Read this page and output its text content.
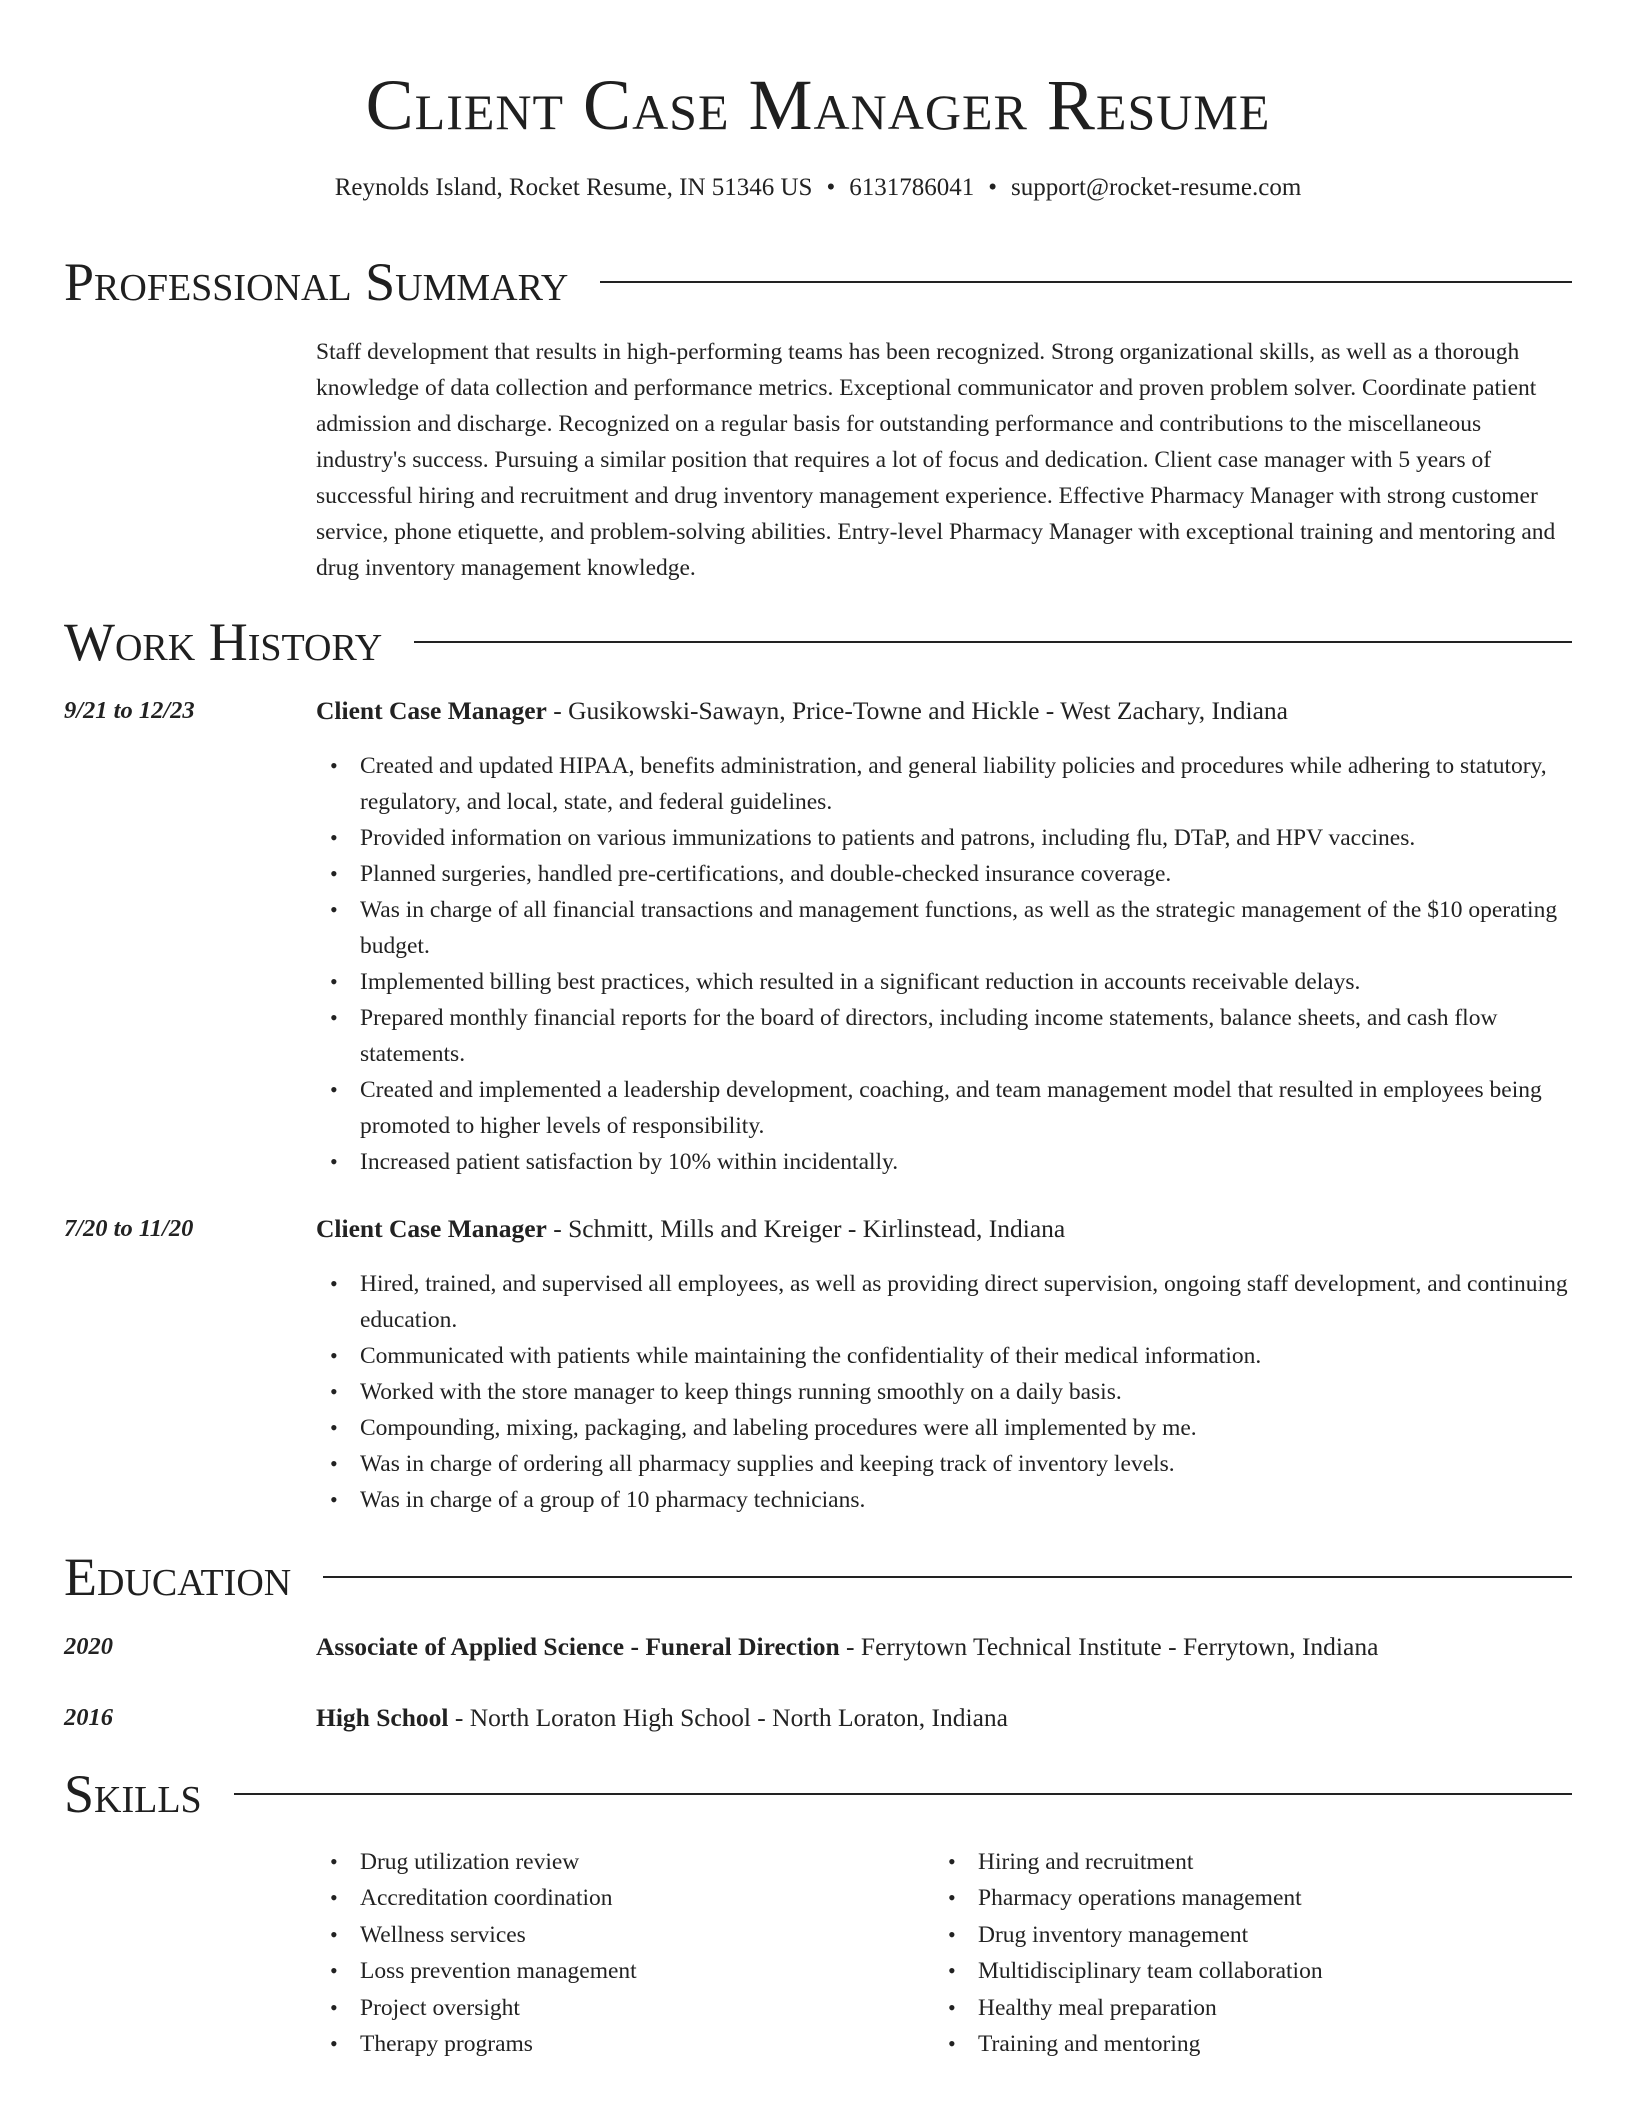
Client Case Manager Resume
Reynolds Island, Rocket Resume, IN 51346 US • 6131786041 • support@rocket-resume.com
Professional Summary
Staff development that results in high-performing teams has been recognized. Strong organizational skills, as well as a thorough knowledge of data collection and performance metrics. Exceptional communicator and proven problem solver. Coordinate patient admission and discharge. Recognized on a regular basis for outstanding performance and contributions to the miscellaneous industry's success. Pursuing a similar position that requires a lot of focus and dedication. Client case manager with 5 years of successful hiring and recruitment and drug inventory management experience. Effective Pharmacy Manager with strong customer service, phone etiquette, and problem-solving abilities. Entry-level Pharmacy Manager with exceptional training and mentoring and drug inventory management knowledge.
Work History
9/21 to 12/23	Client Case Manager - Gusikowski-Sawayn, Price-Towne and Hickle - West Zachary, Indiana
• Created and updated HIPAA, benefits administration, and general liability policies and procedures while adhering to statutory, regulatory, and local, state, and federal guidelines.
• Provided information on various immunizations to patients and patrons, including flu, DTaP, and HPV vaccines.
• Planned surgeries, handled pre-certifications, and double-checked insurance coverage.
• Was in charge of all financial transactions and management functions, as well as the strategic management of the $10 operating budget.
• Implemented billing best practices, which resulted in a significant reduction in accounts receivable delays.
• Prepared monthly financial reports for the board of directors, including income statements, balance sheets, and cash flow statements.
• Created and implemented a leadership development, coaching, and team management model that resulted in employees being promoted to higher levels of responsibility.
• Increased patient satisfaction by 10% within incidentally.
7/20 to 11/20	Client Case Manager - Schmitt, Mills and Kreiger - Kirlinstead, Indiana
• Hired, trained, and supervised all employees, as well as providing direct supervision, ongoing staff development, and continuing education.
• Communicated with patients while maintaining the confidentiality of their medical information.
• Worked with the store manager to keep things running smoothly on a daily basis.
• Compounding, mixing, packaging, and labeling procedures were all implemented by me.
• Was in charge of ordering all pharmacy supplies and keeping track of inventory levels.
• Was in charge of a group of 10 pharmacy technicians.
Education
2020	Associate of Applied Science - Funeral Direction - Ferrytown Technical Institute - Ferrytown, Indiana
2016	High School - North Loraton High School - North Loraton, Indiana
Skills
• Drug utilization review
• Accreditation coordination
• Wellness services
• Loss prevention management
• Project oversight
• Therapy programs
• Hiring and recruitment
• Pharmacy operations management
• Drug inventory management
• Multidisciplinary team collaboration
• Healthy meal preparation
• Training and mentoring
